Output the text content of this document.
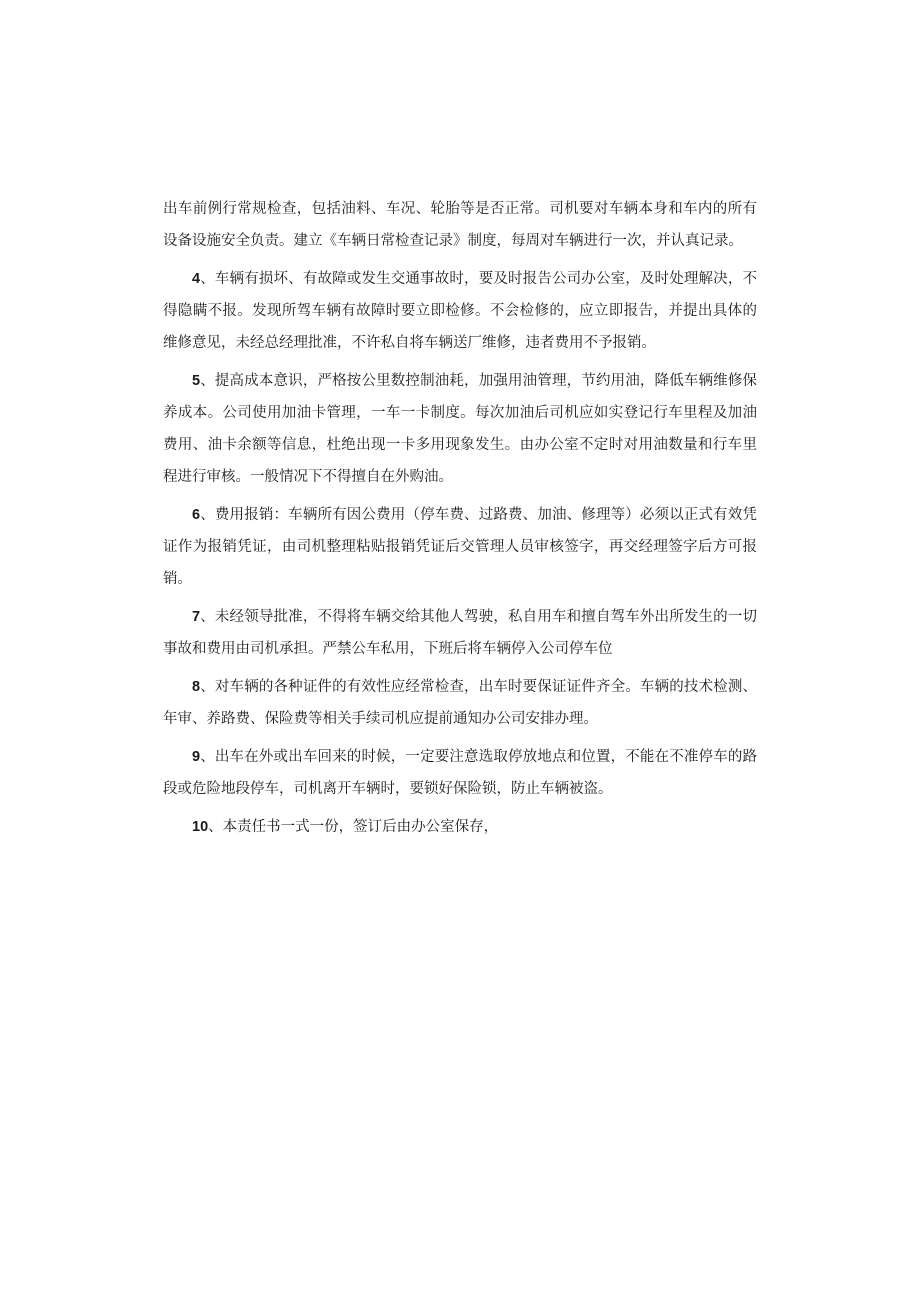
出车前例行常规检查，包括油料、车况、轮胎等是否正常。司机要对车辆本身和车内的所有设备设施安全负责。建立《车辆日常检查记录》制度，每周对车辆进行一次，并认真记录。

4、车辆有损坏、有故障或发生交通事故时，要及时报告公司办公室，及时处理解决，不得隐瞒不报。发现所驾车辆有故障时要立即检修。不会检修的，应立即报告，并提出具体的维修意见，未经总经理批准，不许私自将车辆送厂维修，违者费用不予报销。

5、提高成本意识，严格按公里数控制油耗，加强用油管理，节约用油，降低车辆维修保养成本。公司使用加油卡管理，一车一卡制度。每次加油后司机应如实登记行车里程及加油费用、油卡余额等信息，杜绝出现一卡多用现象发生。由办公室不定时对用油数量和行车里程进行审核。一般情况下不得擅自在外购油。

6、费用报销：车辆所有因公费用（停车费、过路费、加油、修理等）必须以正式有效凭证作为报销凭证，由司机整理粘贴报销凭证后交管理人员审核签字，再交经理签字后方可报销。

7、未经领导批准，不得将车辆交给其他人驾驶，私自用车和擅自驾车外出所发生的一切事故和费用由司机承担。严禁公车私用，下班后将车辆停入公司停车位

8、对车辆的各种证件的有效性应经常检查，出车时要保证证件齐全。车辆的技术检测、年审、养路费、保险费等相关手续司机应提前通知办公司安排办理。

9、出车在外或出车回来的时候，一定要注意选取停放地点和位置，不能在不准停车的路段或危险地段停车，司机离开车辆时，要锁好保险锁，防止车辆被盗。

10、本责任书一式一份，签订后由办公室保存，
